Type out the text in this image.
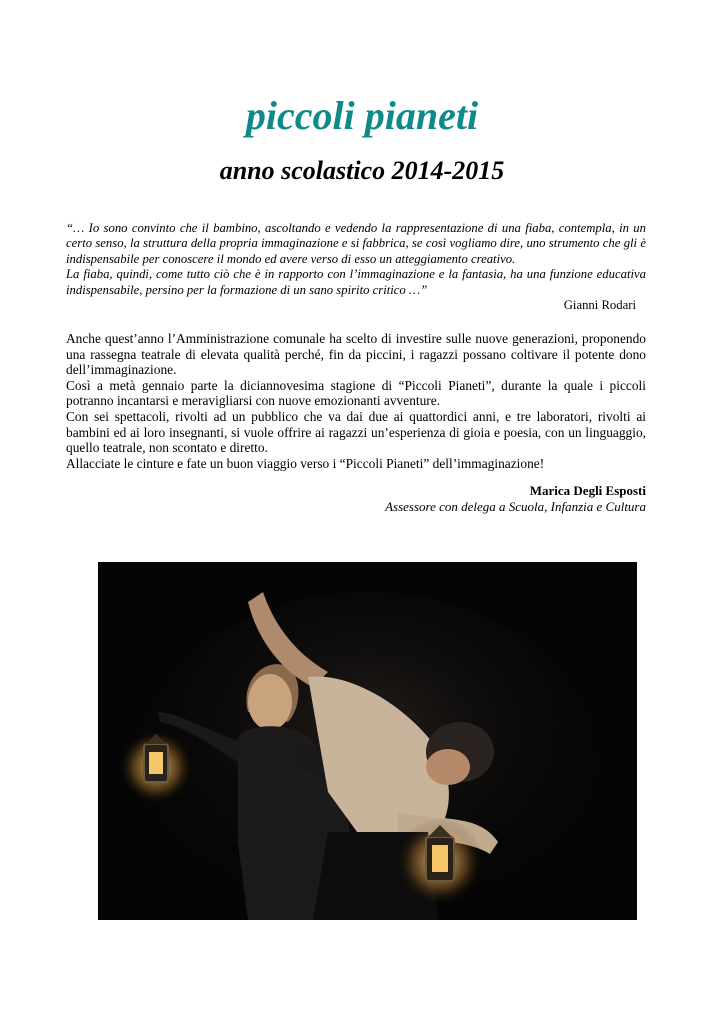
piccoli pianeti
anno scolastico 2014-2015

“… Io sono convinto che il bambino, ascoltando e vedendo la rappresentazione di una fiaba, contempla, in un certo senso, la struttura della propria immaginazione e si fabbrica, se così vogliamo dire, uno strumento che gli è indispensabile per conoscere il mondo ed avere verso di esso un atteggiamento creativo.

La fiaba, quindi, come tutto ciò che è in rapporto con l’immaginazione e la fantasia, ha una funzione educativa indispensabile, persino per la formazione di un sano spirito critico …”

Gianni Rodari

Anche quest’anno l’Amministrazione comunale ha scelto di investire sulle nuove generazioni, proponendo una rassegna teatrale di elevata qualità perché, fin da piccini, i ragazzi possano coltivare il potente dono dell’immaginazione.

Così a metà gennaio parte la diciannovesima stagione di “Piccoli Pianeti”, durante la quale i piccoli potranno incantarsi e meravigliarsi con nuove emozionanti avventure.

Con sei spettacoli, rivolti ad un pubblico che va dai due ai quattordici anni, e tre laboratori, rivolti ai bambini ed ai loro insegnanti, si vuole offrire ai ragazzi un’esperienza di gioia e poesia, con un linguaggio, quello teatrale, non scontato e diretto.

Allacciate le cinture e fate un buon viaggio verso i “Piccoli Pianeti” dell’immaginazione!

Marica Degli Esposti
Assessore con delega a Scuola, Infanzia e Cultura
